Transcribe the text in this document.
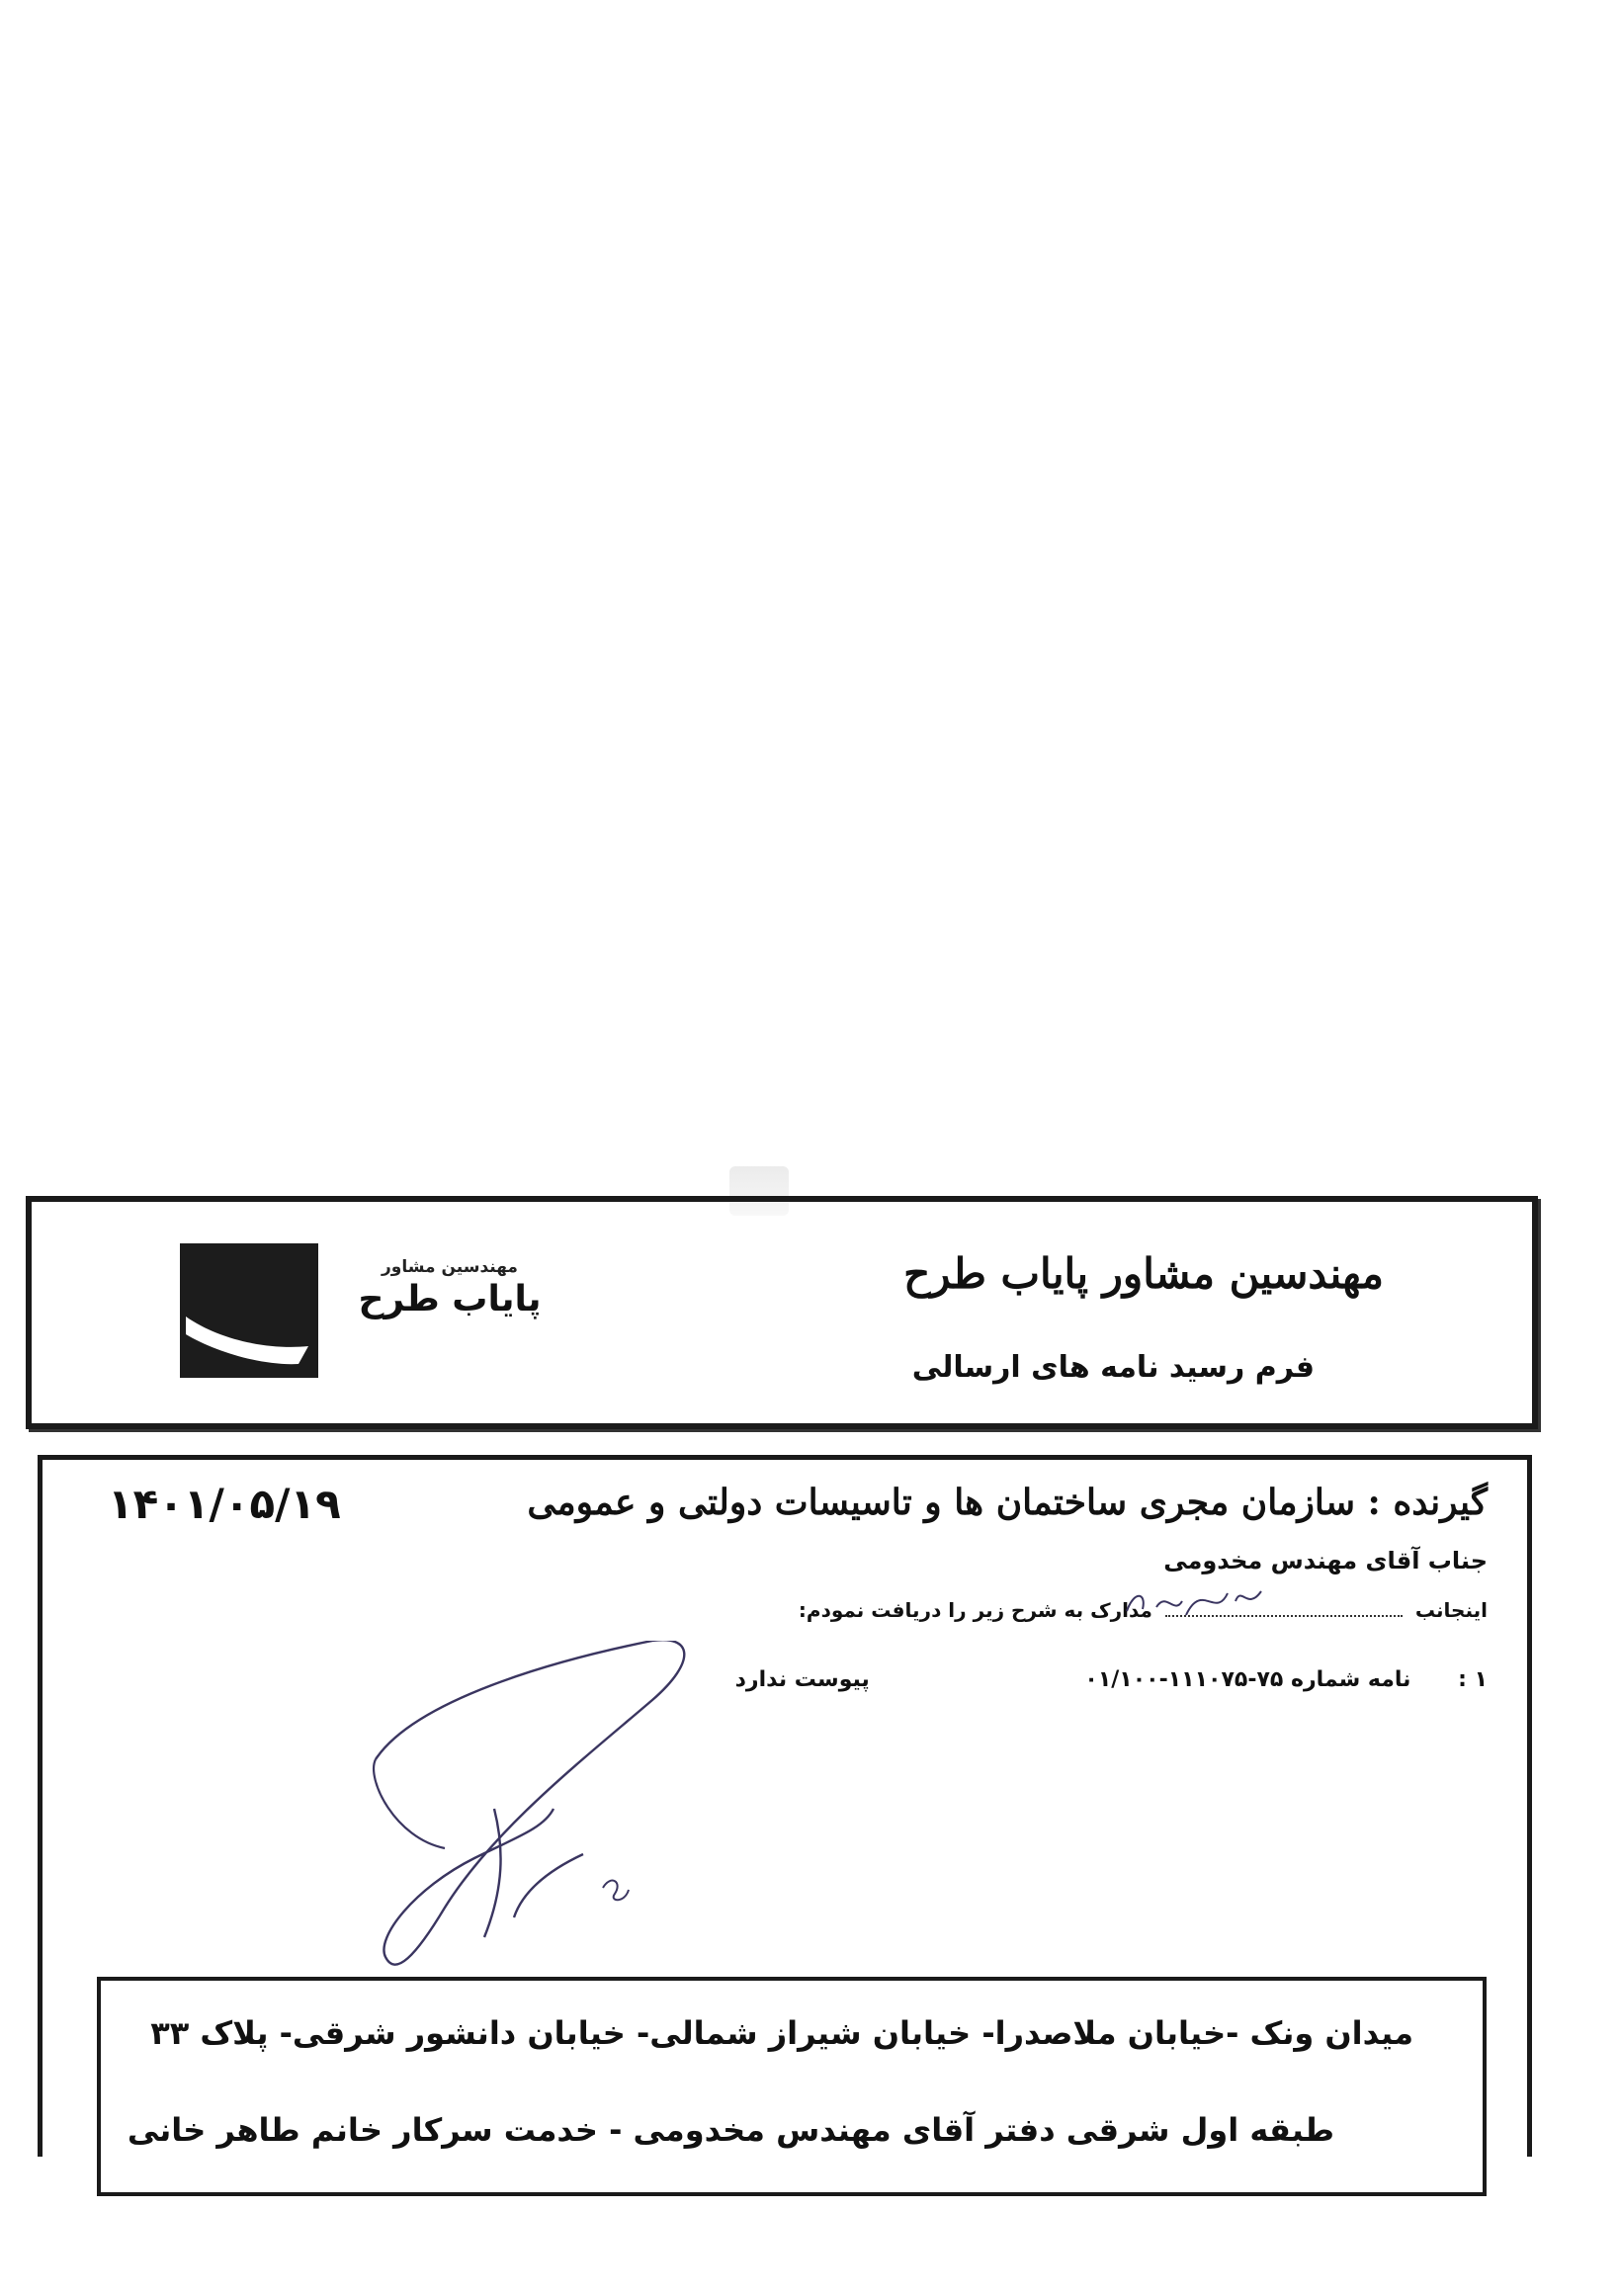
مهندسین مشاور
پایاب طرح
مهندسین مشاور پایاب طرح
فرم رسید نامه های ارسالی
۱۴۰۱/۰۵/۱۹	گیرنده : سازمان مجری ساختمان ها و تاسیسات دولتی و عمومی
جناب آقای مهندس مخدومی
اینجانب  مدارک به شرح زیر را دریافت نمودم:
۱ : نامه شماره ۷۵-۱۱۱۰۷۵-۰۱/۱۰۰ پیوست ندارد
میدان ونک -خیابان ملاصدرا- خیابان شیراز شمالی- خیابان دانشور شرقی- پلاک ۳۳
طبقه اول شرقی دفتر آقای مهندس مخدومی - خدمت سرکار خانم طاهر خانی
